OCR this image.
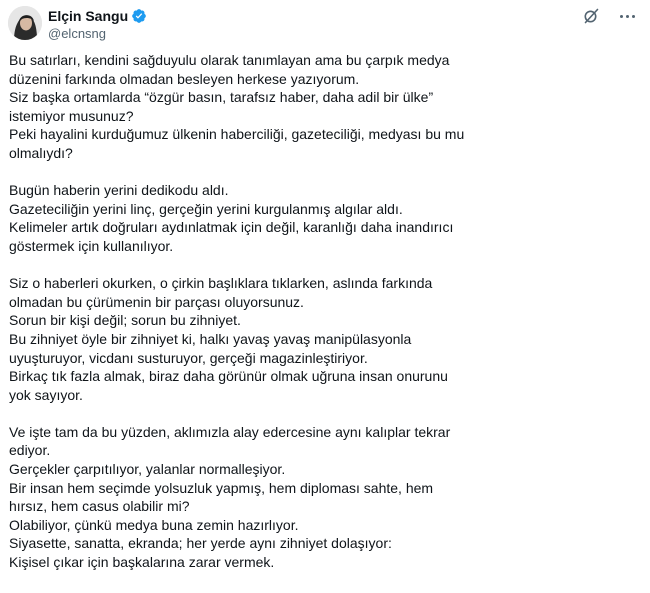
Elçin Sangu
@elcnsng

Bu satırları, kendini sağduyulu olarak tanımlayan ama bu çarpık medya

düzenini farkında olmadan besleyen herkese yazıyorum.

Siz başka ortamlarda “özgür basın, tarafsız haber, daha adil bir ülke”

istemiyor musunuz?

Peki hayalini kurduğumuz ülkenin haberciliği, gazeteciliği, medyası bu mu

olmalıydı?

Bugün haberin yerini dedikodu aldı.

Gazeteciliğin yerini linç, gerçeğin yerini kurgulanmış algılar aldı.

Kelimeler artık doğruları aydınlatmak için değil, karanlığı daha inandırıcı

göstermek için kullanılıyor.

Siz o haberleri okurken, o çirkin başlıklara tıklarken, aslında farkında

olmadan bu çürümenin bir parçası oluyorsunuz.

Sorun bir kişi değil; sorun bu zihniyet.

Bu zihniyet öyle bir zihniyet ki, halkı yavaş yavaş manipülasyonla

uyuşturuyor, vicdanı susturuyor, gerçeği magazinleştiriyor.

Birkaç tık fazla almak, biraz daha görünür olmak uğruna insan onurunu

yok sayıyor.

Ve işte tam da bu yüzden, aklımızla alay edercesine aynı kalıplar tekrar

ediyor.

Gerçekler çarpıtılıyor, yalanlar normalleşiyor.

Bir insan hem seçimde yolsuzluk yapmış, hem diploması sahte, hem

hırsız, hem casus olabilir mi?

Olabiliyor, çünkü medya buna zemin hazırlıyor.

Siyasette, sanatta, ekranda; her yerde aynı zihniyet dolaşıyor:

Kişisel çıkar için başkalarına zarar vermek.
